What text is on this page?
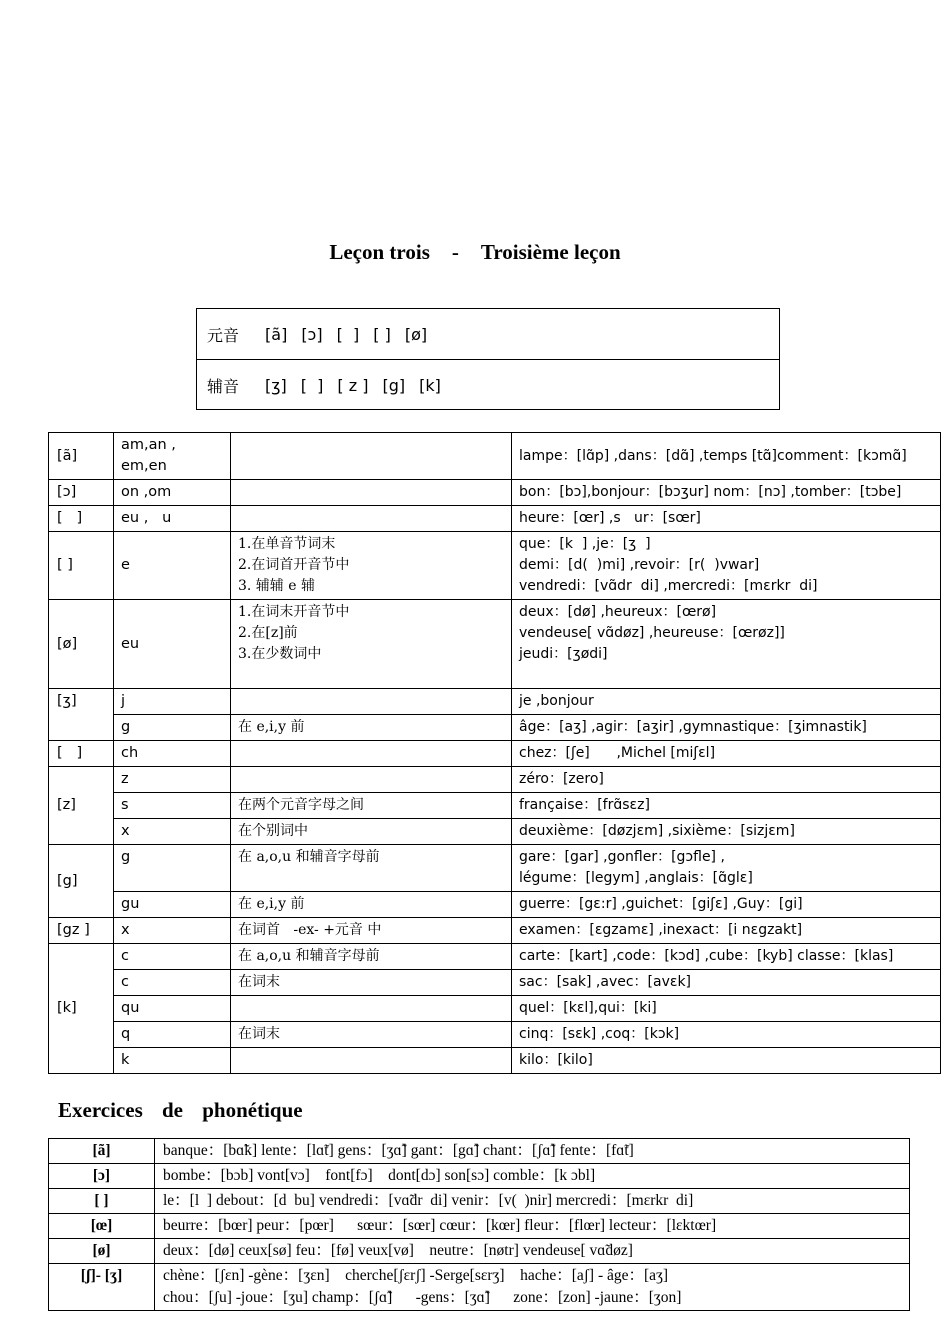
Leçon trois - Troisième leçon
元音 [ã] [ɔ] [  ] [ ] [ø]
辅音 [ʒ] [  ] [ z ] [g] [k]
[ã]	am,an ,
em,en		lampe：[lɑ̃p] ,dans：[dɑ̃] ,temps [tɑ̃]comment：[kɔmɑ̃]
[ɔ]	on ,om		bon：[bɔ],bonjour：[bɔʒur] nom：[nɔ] ,tomber：[tɔbe]
[   ]	eu ,   u		heure：[œr] ,s   ur：[sœr]
[ ]	e	1.在单音节词末
2.在词首开音节中
3. 辅辅 e 辅	que：[k  ] ,je：[ʒ  ]
demi：[d(  )mi] ,revoir：[r(  )vwar]
vendredi：[vɑ̃dr  di] ,mercredi：[mɛrkr  di]

[ø]	eu	1.在词末开音节中
2.在[z]前
3.在少数词中	deux：[dø] ,heureux：[œrø]
vendeuse[ vɑ̃døz] ,heureuse：[œrøz]]
jeudi：[ʒødi]

[ʒ]	j		je ,bonjour
	g	在 e,i,y 前	âge：[aʒ] ,agir：[aʒir] ,gymnastique：[ʒimnastik]
[   ]	ch		chez：[ʃe]      ,Michel [miʃɛl]
[z]	z		zéro：[zero]
	s	在两个元音字母之间	française：[frɑ̃sɛz]
	x	在个别词中	deuxième：[døzjɛm] ,sixième：[sizjɛm]
[g]	g	在 a,o,u 和辅音字母前	gare：[gar] ,gonfler：[gɔfle] ,
légume：[legym] ,anglais：[ɑ̃glɛ]

	gu	在 e,i,y 前	guerre：[gɛ:r] ,guichet：[giʃɛ] ,Guy：[gi]
[gz ]	x	在词首   -ex- +元音 中	examen：[ɛgzamɛ] ,inexact：[i nɛgzakt]
[k]	c	在 a,o,u 和辅音字母前	carte：[kart] ,code：[kɔd] ,cube：[kyb] classe：[klas]
	c	在词末	sac：[sak] ,avec：[avɛk]
	qu		quel：[kɛl],qui：[ki]
	q	在词末	cinq：[sɛk] ,coq：[kɔk]
	k		kilo：[kilo]
Exercices de phonétique
[ã]	banque：[bɑ̃k] lente：[lɑ̃t] gens：[ʒɑ̃] gant：[gɑ̃] chant：[ʃɑ̃] fente：[fɑ̃t]
[ɔ]	bombe：[bɔb] vont[vɔ]    font[fɔ]    dont[dɔ] son[sɔ] comble：[k ɔbl]
[ ]	le：[l  ] debout：[d  bu] vendredi：[vɑ̃dr  di] venir：[v(  )nir] mercredi：[mɛrkr  di]
[œ]	beurre：[bœr] peur：[pœr]      sœur：[sœr] cœur：[kœr] fleur：[flœr] lecteur：[lɛktœr]
[ø]	deux：[dø] ceux[sø] feu：[fø] veux[vø]    neutre：[nøtr] vendeuse[ vɑ̃døz]
[ʃ]- [ʒ]	chène：[ʃɛn] -gène：[ʒɛn]    cherche[ʃɛrʃ] -Serge[sɛrʒ]    hache：[aʃ] - âge：[aʒ]
chou：[ʃu] -joue：[ʒu] champ：[ʃɑ̃]      -gens：[ʒɑ̃]      zone：[zon] -jaune：[ʒon]
